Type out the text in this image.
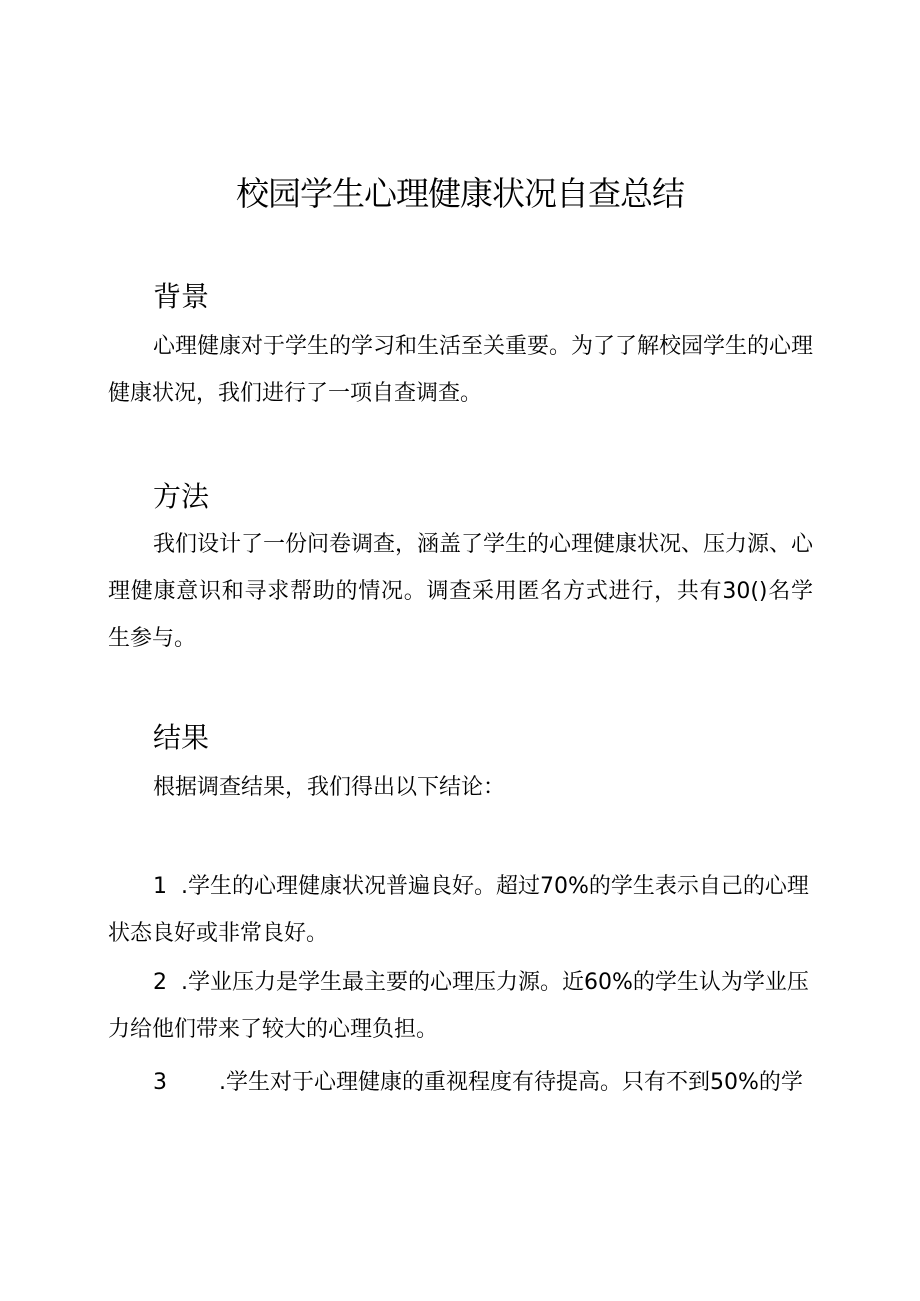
校园学生心理健康状况自查总结
背景

心理健康对于学生的学习和生活至关重要。为了了解校园学生的心理健康状况，我们进行了一项自查调查。

方法

我们设计了一份问卷调查，涵盖了学生的心理健康状况、压力源、心理健康意识和寻求帮助的情况。调查采用匿名方式进行，共有30()名学生参与。

结果

根据调查结果，我们得出以下结论：

1 .学生的心理健康状况普遍良好。超过70%的学生表示自己的心理状态良好或非常良好。

2 .学业压力是学生最主要的心理压力源。近60%的学生认为学业压力给他们带来了较大的心理负担。

3 .学生对于心理健康的重视程度有待提高。只有不到50%的学
